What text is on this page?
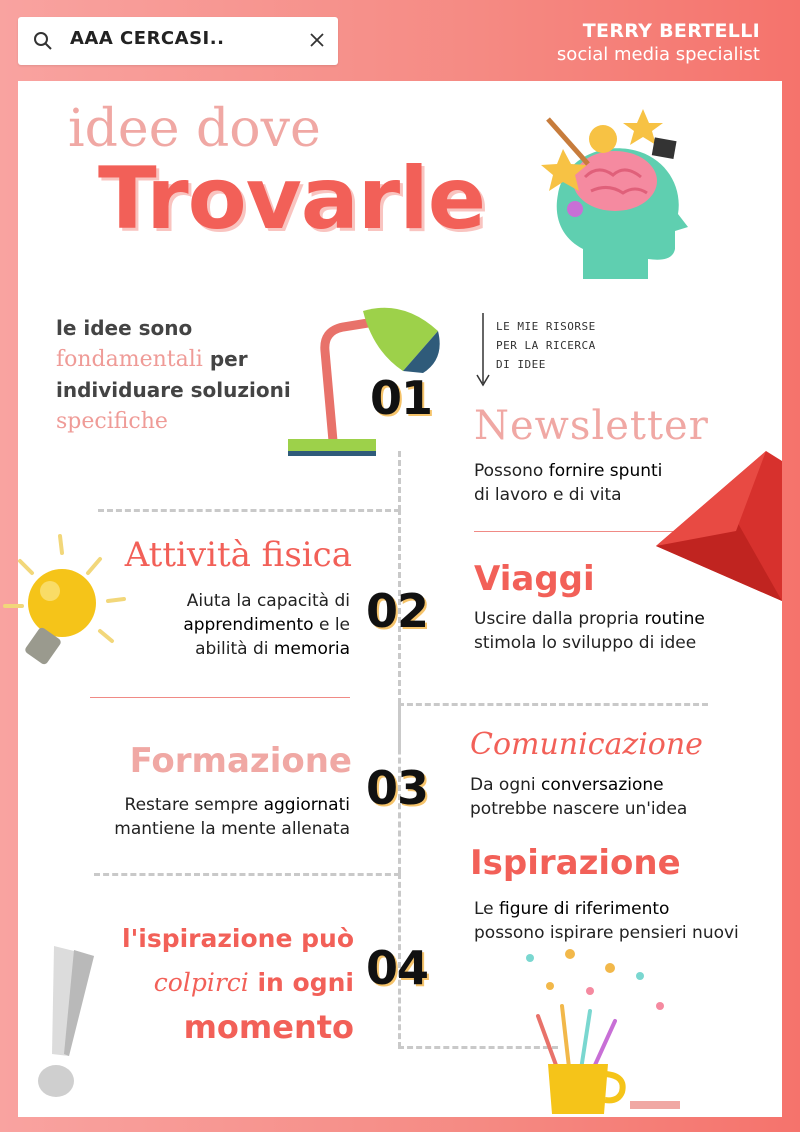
AAA CERCASI..	TERRY BERTELLI
social media specialist
idee dove
Trovarle
le idee sono
fondamentali per
individuare soluzioni
specifiche	01
LE MIE RISORSE
PER LA RICERCA
DI IDEE
Newsletter
Possono fornire spunti
di lavoro e di vita
Attività fisica
Aiuta la capacità di
apprendimento e le
abilità di memoria
02
Viaggi
Uscire dalla propria routine
stimola lo sviluppo di idee
Formazione
Restare sempre aggiornati
mantiene la mente allenata
03
Comunicazione
Da ogni conversazione
potrebbe nascere un'idea
Ispirazione
Le figure di riferimento
possono ispirare pensieri nuovi
l'ispirazione può
colpirci in ogni
momento
04
